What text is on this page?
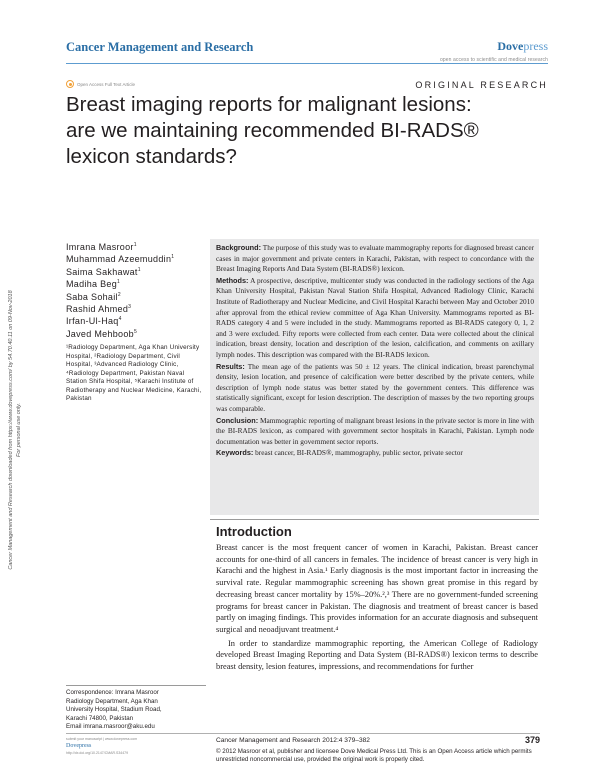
Cancer Management and Research	Dovepress
open access to scientific and medical research
Open Access Full Text Article	ORIGINAL RESEARCH
Breast imaging reports for malignant lesions:
are we maintaining recommended BI-RADS®
lexicon standards?
Cancer Management and Research downloaded from https://www.dovepress.com/ by 54.70.40.11 on 09-Nov-2018 For personal use only.
Imrana Masroor$^1$
Muhammad Azeemuddin$^1$
Saima Sakhawat$^1$
Madiha Beg$^1$
Saba Sohail$^2$
Rashid Ahmed$^3$
Irfan-Ul-Haq$^4$
Javed Mehboob$^5$
¹Radiology Department, Aga Khan University Hospital, ²Radiology Department, Civil Hospital, ³Advanced Radiology Clinic, ⁴Radiology Department, Pakistan Naval Station Shifa Hospital, ⁵Karachi Institute of Radiotherapy and Nuclear Medicine, Karachi, Pakistan

Background: The purpose of this study was to evaluate mammography reports for diagnosed breast cancer cases in major government and private centers in Karachi, Pakistan, with respect to concordance with the Breast Imaging Reports And Data System (BI-RADS®) lexicon.

Methods: A prospective, descriptive, multicenter study was conducted in the radiology sections of the Aga Khan University Hospital, Pakistan Naval Station Shifa Hospital, Advanced Radiology Clinic, Karachi Institute of Radiotherapy and Nuclear Medicine, and Civil Hospital Karachi between May and October 2010 after approval from the ethical review committee of Aga Khan University. Mammograms reported as BI-RADS category 4 and 5 were included in the study. Mammograms reported as BI-RADS category 0, 1, 2 and 3 were excluded. Fifty reports were collected from each center. Data were collected about the clinical indication, breast density, location and description of the lesion, calcification, and comments on axillary lymph nodes. This description was compared with the BI-RADS lexicon.

Results: The mean age of the patients was 50 ± 12 years. The clinical indication, breast parenchymal density, lesion location, and presence of calcification were better described by the private centers, while description of lymph node status was better stated by the government centers. This difference was statistically significant, except for lesion description. The description of masses by the two reporting groups was comparable.

Conclusion: Mammographic reporting of malignant breast lesions in the private sector is more in line with the BI-RADS lexicon, as compared with government sector hospitals in Karachi, Pakistan. Lymph node documentation was better in government sector reports.

Keywords: breast cancer, BI-RADS®, mammography, public sector, private sector

Introduction

Breast cancer is the most frequent cancer of women in Karachi, Pakistan. Breast cancer accounts for one-third of all cancers in females. The incidence of breast cancer is very high in Karachi and the highest in Asia.¹ Early diagnosis is the most important factor in increasing the survival rate. Regular mammographic screening has shown great promise in this regard by decreasing breast cancer mortality by 15%–20%.²,³ There are no government-funded screening programs for breast cancer in Pakistan. The diagnosis and treatment of breast cancer is based partly on imaging findings. This provides information for an accurate diagnosis and subsequent surgical and neoadjuvant treatment.⁴

In order to standardize mammographic reporting, the American College of Radiology developed Breast Imaging Reporting and Data System (BI-RADS®) lexicon terms to describe breast density, lesion features, impressions, and recommendations for further

Correspondence: Imrana Masroor
Radiology Department, Aga Khan
University Hospital, Stadium Road,
Karachi 74800, Pakistan
Email imrana.masroor@aku.edu
submit your manuscript | www.dovepress.com
Dovepress
http://dx.doi.org/10.2147/CMAR.S34479
Cancer Management and Research 2012:4 379–382	379
© 2012 Masroor et al, publisher and licensee Dove Medical Press Ltd. This is an Open Access article which permits unrestricted noncommercial use, provided the original work is properly cited.
